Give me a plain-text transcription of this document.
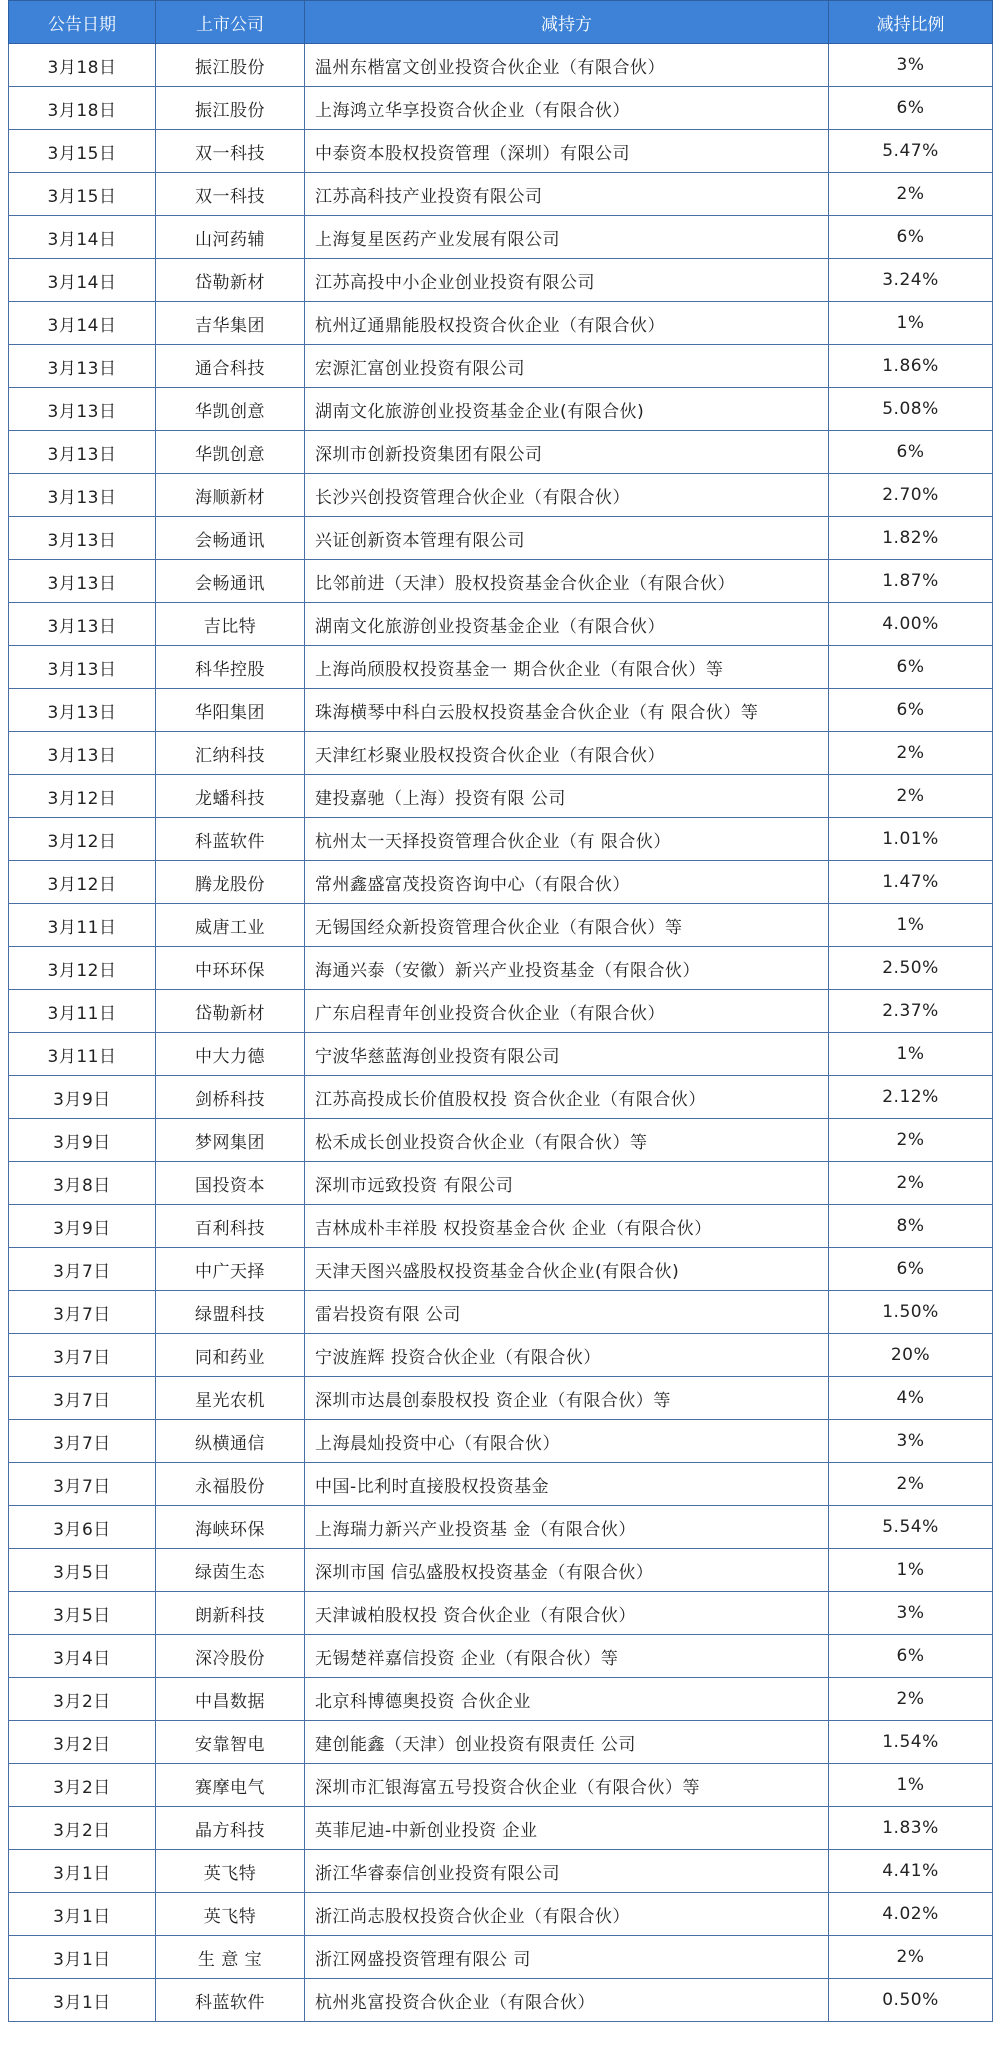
公告日期	上市公司	减持方	减持比例
3月18日	振江股份	温州东楷富文创业投资合伙企业（有限合伙）	3%
3月18日	振江股份	上海鸿立华享投资合伙企业（有限合伙）	6%
3月15日	双一科技	中泰资本股权投资管理（深圳）有限公司	5.47%
3月15日	双一科技	江苏高科技产业投资有限公司	2%
3月14日	山河药辅	上海复星医药产业发展有限公司	6%
3月14日	岱勒新材	江苏高投中小企业创业投资有限公司	3.24%
3月14日	吉华集团	杭州辽通鼎能股权投资合伙企业（有限合伙）	1%
3月13日	通合科技	宏源汇富创业投资有限公司	1.86%
3月13日	华凯创意	湖南文化旅游创业投资基金企业(有限合伙)	5.08%
3月13日	华凯创意	深圳市创新投资集团有限公司	6%
3月13日	海顺新材	长沙兴创投资管理合伙企业（有限合伙）	2.70%
3月13日	会畅通讯	兴证创新资本管理有限公司	1.82%
3月13日	会畅通讯	比邻前进（天津）股权投资基金合伙企业（有限合伙）	1.87%
3月13日	吉比特	湖南文化旅游创业投资基金企业（有限合伙）	4.00%
3月13日	科华控股	上海尚颀股权投资基金一 期合伙企业（有限合伙）等	6%
3月13日	华阳集团	珠海横琴中科白云股权投资基金合伙企业（有 限合伙）等	6%
3月13日	汇纳科技	天津红杉聚业股权投资合伙企业（有限合伙）	2%
3月12日	龙蟠科技	建投嘉驰（上海）投资有限 公司	2%
3月12日	科蓝软件	杭州太一天择投资管理合伙企业（有 限合伙）	1.01%
3月12日	腾龙股份	常州鑫盛富茂投资咨询中心（有限合伙）	1.47%
3月11日	威唐工业	无锡国经众新投资管理合伙企业（有限合伙）等	1%
3月12日	中环环保	海通兴泰（安徽）新兴产业投资基金（有限合伙）	2.50%
3月11日	岱勒新材	广东启程青年创业投资合伙企业（有限合伙）	2.37%
3月11日	中大力德	宁波华慈蓝海创业投资有限公司	1%
3月9日	剑桥科技	江苏高投成长价值股权投 资合伙企业（有限合伙）	2.12%
3月9日	梦网集团	松禾成长创业投资合伙企业（有限合伙）等	2%
3月8日	国投资本	深圳市远致投资 有限公司	2%
3月9日	百利科技	吉林成朴丰祥股 权投资基金合伙 企业（有限合伙）	8%
3月7日	中广天择	天津天图兴盛股权投资基金合伙企业(有限合伙)	6%
3月7日	绿盟科技	雷岩投资有限 公司	1.50%
3月7日	同和药业	宁波旌辉 投资合伙企业（有限合伙）	20%
3月7日	星光农机	深圳市达晨创泰股权投 资企业（有限合伙）等	4%
3月7日	纵横通信	上海晨灿投资中心（有限合伙）	3%
3月7日	永福股份	中国-比利时直接股权投资基金	2%
3月6日	海峡环保	上海瑞力新兴产业投资基 金（有限合伙）	5.54%
3月5日	绿茵生态	深圳市国 信弘盛股权投资基金（有限合伙）	1%
3月5日	朗新科技	天津诚柏股权投 资合伙企业（有限合伙）	3%
3月4日	深冷股份	无锡楚祥嘉信投资 企业（有限合伙）等	6%
3月2日	中昌数据	北京科博德奥投资 合伙企业	2%
3月2日	安靠智电	建创能鑫（天津）创业投资有限责任 公司	1.54%
3月2日	赛摩电气	深圳市汇银海富五号投资合伙企业（有限合伙）等	1%
3月2日	晶方科技	英菲尼迪-中新创业投资 企业	1.83%
3月1日	英飞特	浙江华睿泰信创业投资有限公司	4.41%
3月1日	英飞特	浙江尚志股权投资合伙企业（有限合伙）	4.02%
3月1日	生 意 宝	浙江网盛投资管理有限公 司	2%
3月1日	科蓝软件	杭州兆富投资合伙企业（有限合伙）	0.50%
